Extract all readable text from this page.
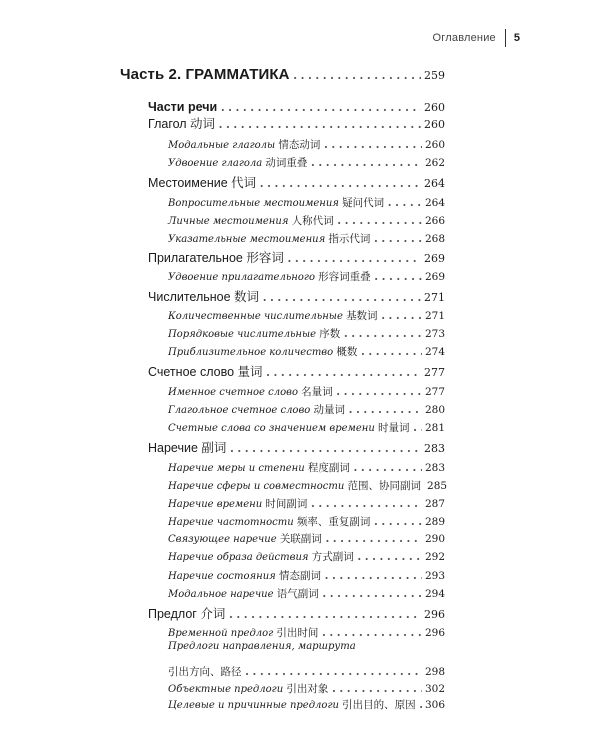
Оглавление 5
Часть 2. ГРАММАТИКА . . .	259
Части речи . . .	260
Глагол 动词 . . .	260
Модальные глаголы 情态动词 . . .	260
Удвоение глагола 动词重叠 . . .	262
Местоимение 代词 . . .	264
Вопросительные местоимения 疑问代词 . . .	264
Личные местоимения 人称代词 . . .	266
Указательные местоимения 指示代词 . . .	268
Прилагательное 形容词 . . .	269
Удвоение прилагательного 形容词重叠 . . .	269
Числительное 数词 . . .	271
Количественные числительные 基数词 . . .	271
Порядковые числительные 序数 . . .	273
Приблизительное количество 概数 . . .	274
Счетное слово 量词 . . .	277
Именное счетное слово 名量词 . . .	277
Глагольное счетное слово 动量词 . . .	280
Счетные слова со значением времени 时量词 . . . 281
Наречие 副词 . . .	283
Наречие меры и степени 程度副词 . . .	283
Наречие сферы и совместности 范围、协同副词 285
Наречие времени 时间副词 . . .	287
Наречие частотности 频率、重复副词 . . .	289
Связующее наречие 关联副词 . . .	290
Наречие образа действия 方式副词 . . .	292
Наречие состояния 情态副词 . . .	293
Модальное наречие 语气副词 . . .	294
Предлог 介词 . . .	296
Временной предлог 引出时间 . . .	296
Предлоги направления, маршрута
引出方向、路径 . . .	298
Объектные предлоги 引出对象 . . .	302
Целевые и причинные предлоги 引出目的、原因 . . . 306
